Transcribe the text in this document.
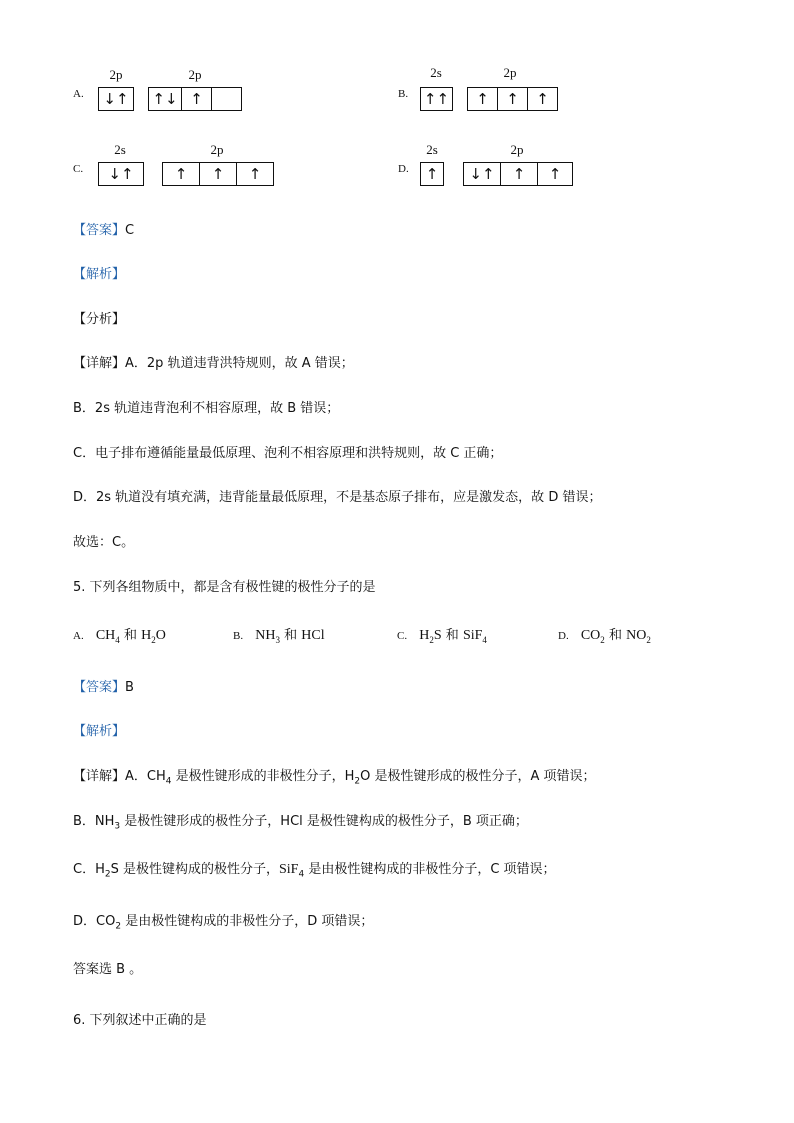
A.
2p
↓↑
2p
↑↓ ↑	B.
2s
↑↑
2p
↑	↑	↑
C.
2s
↓↑
2p
↑	↑	↑	D.
2s
↑
2p
↓↑	↑	↑
【答案】C
【解析】
【分析】
【详解】A．2p 轨道违背洪特规则，故 A 错误；
B．2s 轨道违背泡利不相容原理，故 B 错误；
C．电子排布遵循能量最低原理、泡利不相容原理和洪特规则，故 C 正确；
D．2s 轨道没有填充满，违背能量最低原理，不是基态原子排布，应是激发态，故 D 错误；
故选：C。
5. 下列各组物质中，都是含有极性键的极性分子的是
A. $CH_4$ 和 $H_2O$	B. $NH_3$ 和 HCl	C. $H_2S$ 和 SiF$_4$	D. $CO_2$ 和 $NO_2$
【答案】B
【解析】
【详解】A．$CH_4$ 是极性键形成的非极性分子，$H_2O$ 是极性键形成的极性分子，A 项错误；
B．$NH_3$ 是极性键形成的极性分子，HCl 是极性键构成的极性分子，B 项正确；
C．$H_2S$ 是极性键构成的极性分子，SiF$_4$ 是由极性键构成的非极性分子，C 项错误；
D．$CO_2$ 是由极性键构成的非极性分子，D 项错误；
答案选 B 。
6. 下列叙述中正确的是
